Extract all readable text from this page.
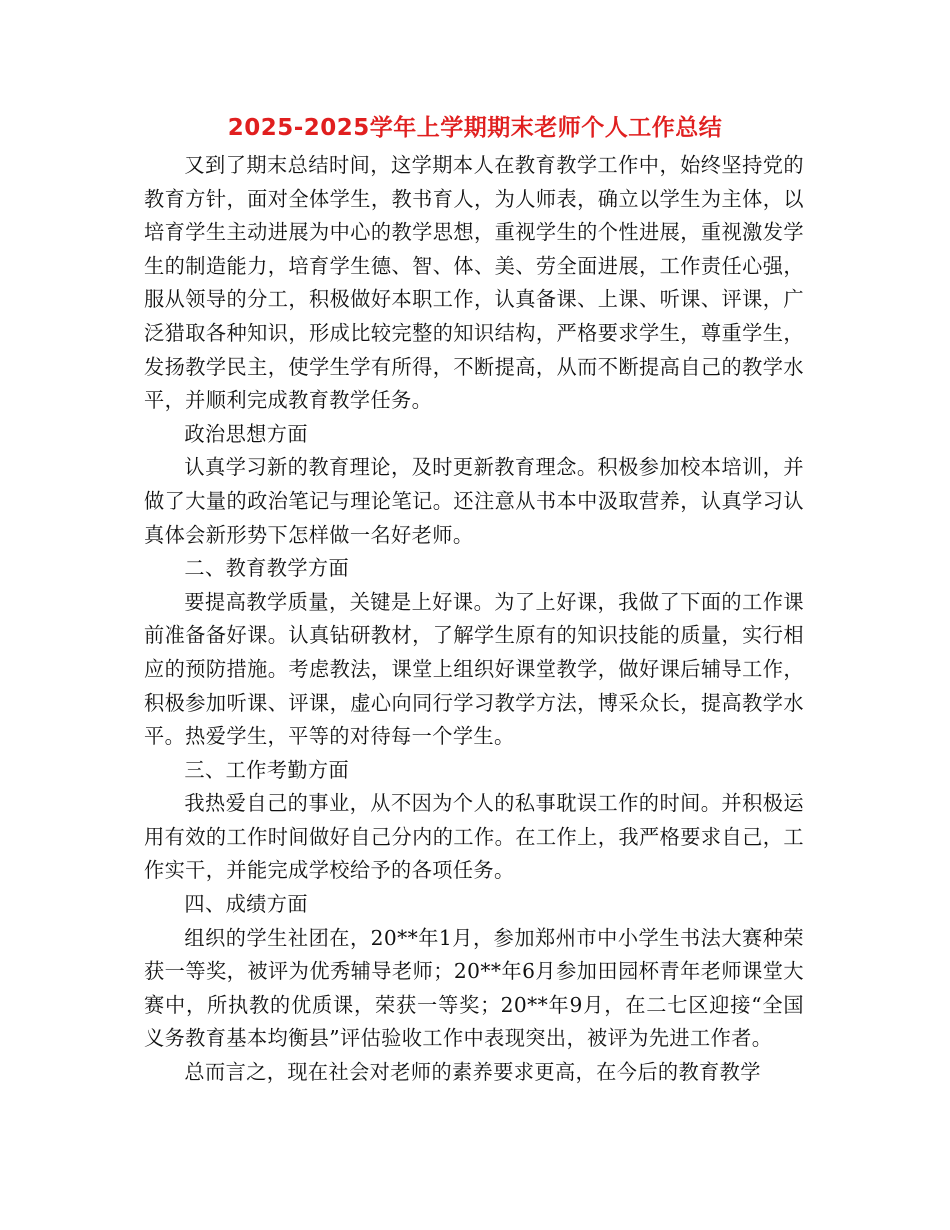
2025-2025学年上学期期末老师个人工作总结

又到了期末总结时间，这学期本人在教育教学工作中，始终坚持党的教育方针，面对全体学生，教书育人，为人师表，确立以学生为主体，以培育学生主动进展为中心的教学思想，重视学生的个性进展，重视激发学生的制造能力，培育学生德、智、体、美、劳全面进展，工作责任心强，服从领导的分工，积极做好本职工作，认真备课、上课、听课、评课，广泛猎取各种知识，形成比较完整的知识结构，严格要求学生，尊重学生，发扬教学民主，使学生学有所得，不断提高，从而不断提高自己的教学水平，并顺利完成教育教学任务。

政治思想方面

认真学习新的教育理论，及时更新教育理念。积极参加校本培训，并做了大量的政治笔记与理论笔记。还注意从书本中汲取营养，认真学习认真体会新形势下怎样做一名好老师。

二、教育教学方面

要提高教学质量，关键是上好课。为了上好课，我做了下面的工作课前准备备好课。认真钻研教材，了解学生原有的知识技能的质量，实行相应的预防措施。考虑教法，课堂上组织好课堂教学，做好课后辅导工作，积极参加听课、评课，虚心向同行学习教学方法，博采众长，提高教学水平。热爱学生，平等的对待每一个学生。

三、工作考勤方面

我热爱自己的事业，从不因为个人的私事耽误工作的时间。并积极运用有效的工作时间做好自己分内的工作。在工作上，我严格要求自己，工作实干，并能完成学校给予的各项任务。

四、成绩方面

组织的学生社团在，20**年1月，参加郑州市中小学生书法大赛种荣获一等奖，被评为优秀辅导老师；20**年6月参加田园杯青年老师课堂大赛中，所执教的优质课，荣获一等奖；20**年9月，在二七区迎接“全国义务教育基本均衡县”评估验收工作中表现突出，被评为先进工作者。

总而言之，现在社会对老师的素养要求更高，在今后的教育教学
